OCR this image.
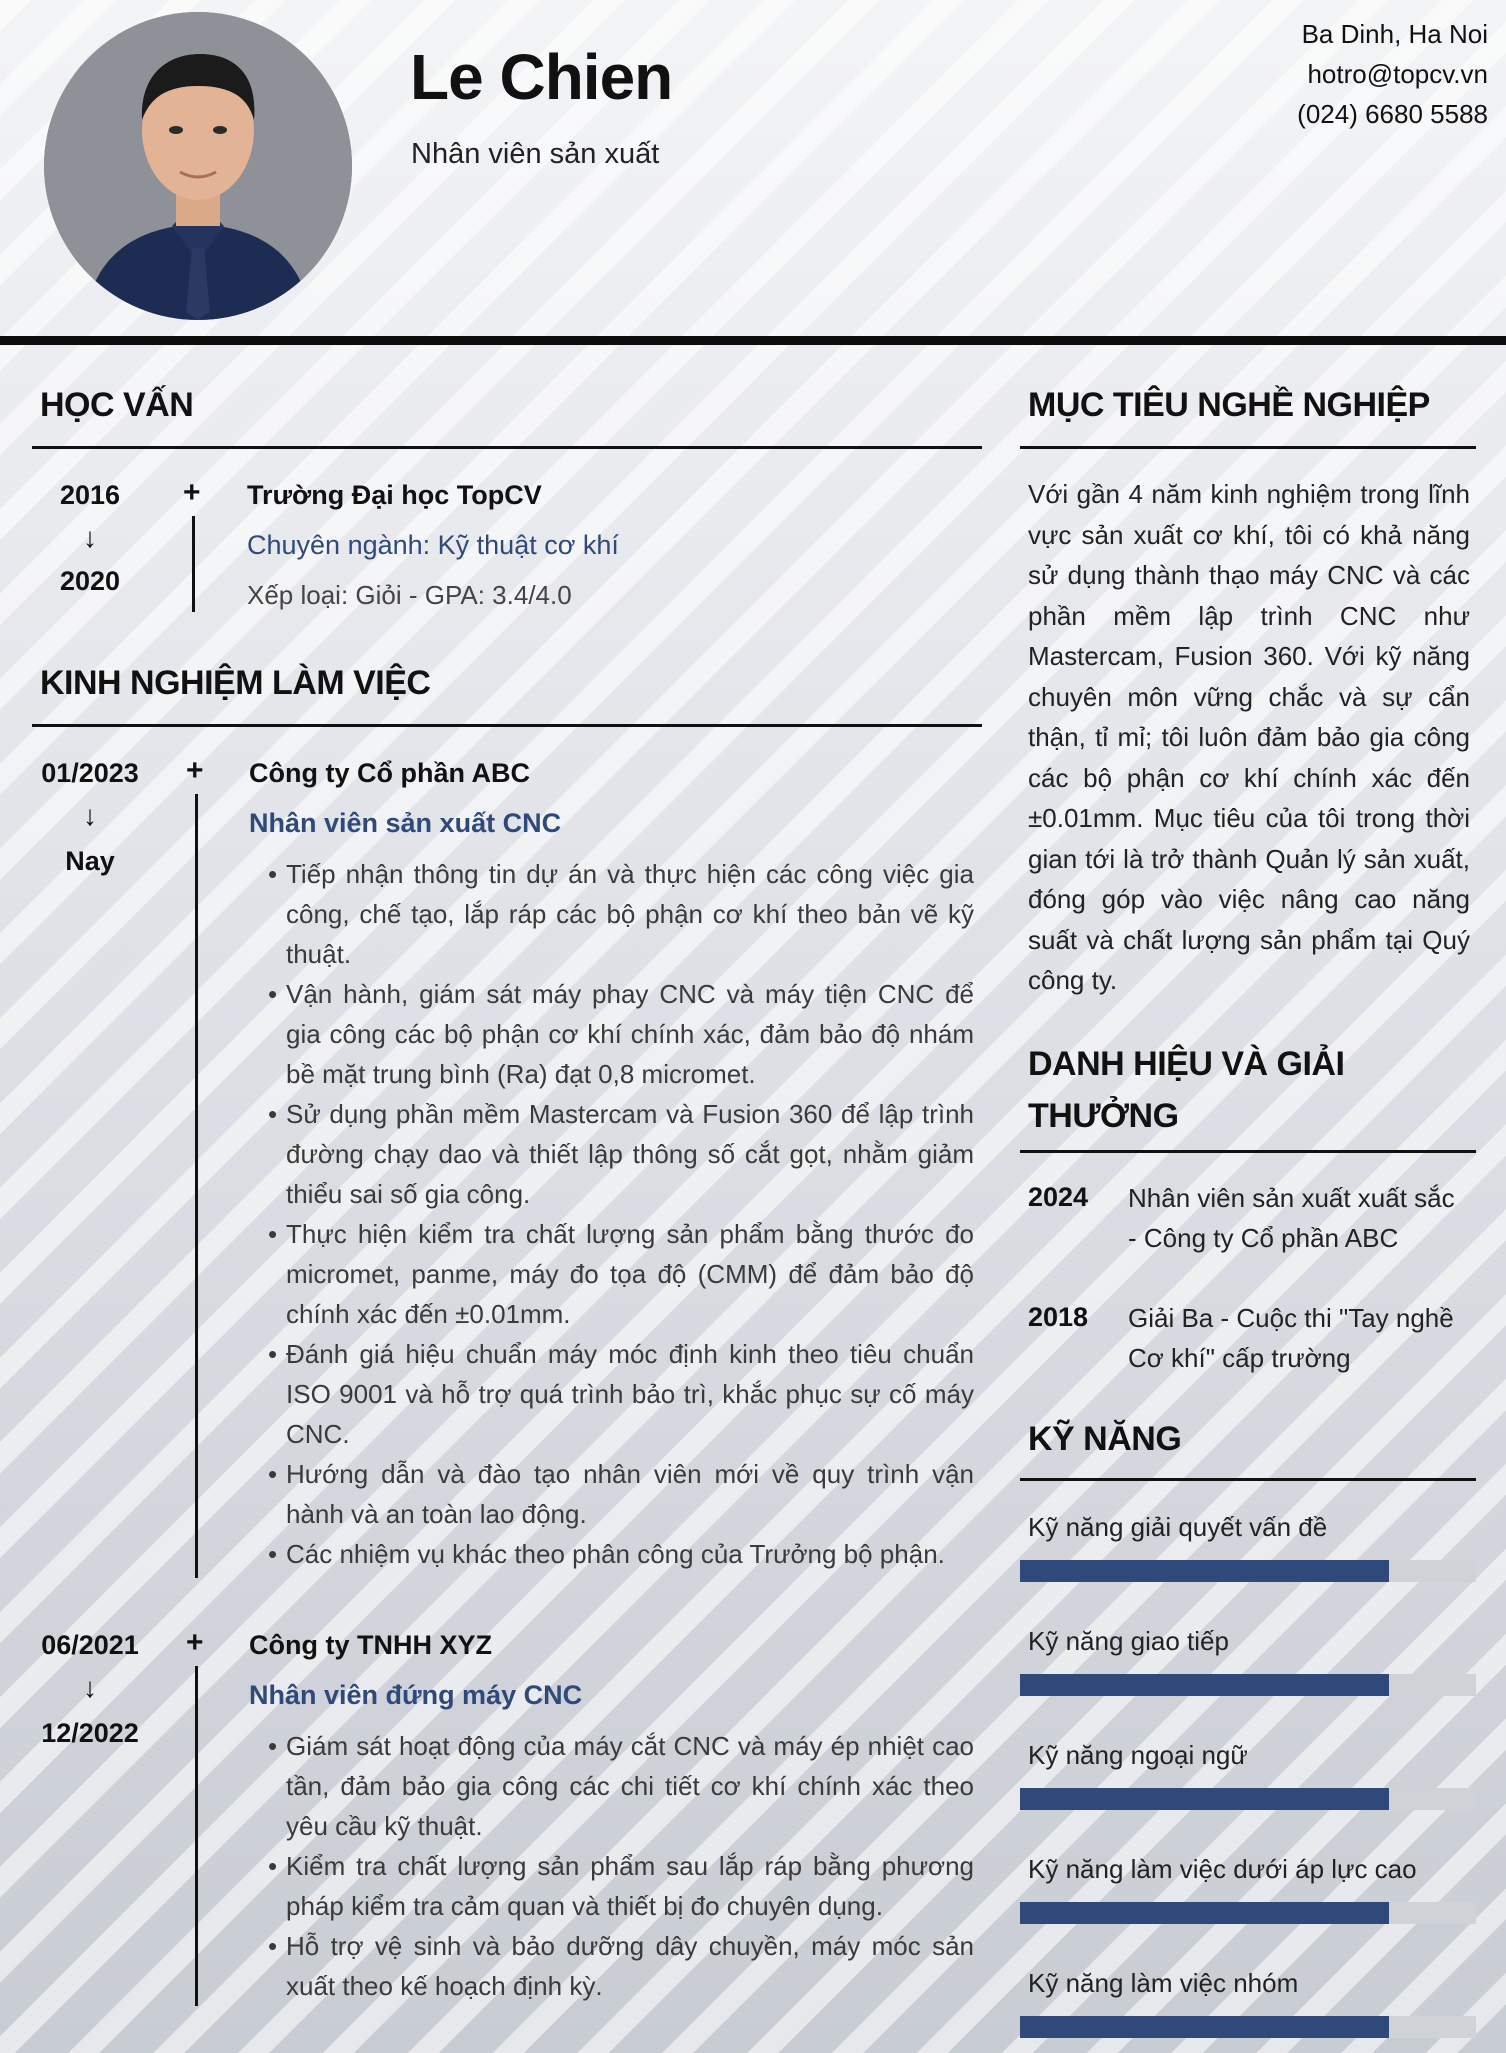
Le Chien
Nhân viên sản xuất
Ba Dinh, Ha Noi
hotro@topcv.vn
(024) 6680 5588
HỌC VẤN
2016
↓
2020
+ Trường Đại học TopCV
Chuyên ngành: Kỹ thuật cơ khí
Xếp loại: Giỏi - GPA: 3.4/4.0
KINH NGHIỆM LÀM VIỆC
01/2023
↓
Nay
+ Công ty Cổ phần ABC
Nhân viên sản xuất CNC
• Tiếp nhận thông tin dự án và thực hiện các công việc gia công, chế tạo, lắp ráp các bộ phận cơ khí theo bản vẽ kỹ thuật.
• Vận hành, giám sát máy phay CNC và máy tiện CNC để gia công các bộ phận cơ khí chính xác, đảm bảo độ nhám bề mặt trung bình (Ra) đạt 0,8 micromet.
• Sử dụng phần mềm Mastercam và Fusion 360 để lập trình đường chạy dao và thiết lập thông số cắt gọt, nhằm giảm thiểu sai số gia công.
• Thực hiện kiểm tra chất lượng sản phẩm bằng thước đo micromet, panme, máy đo tọa độ (CMM) để đảm bảo độ chính xác đến ±0.01mm.
• Đánh giá hiệu chuẩn máy móc định kinh theo tiêu chuẩn ISO 9001 và hỗ trợ quá trình bảo trì, khắc phục sự cố máy CNC.
• Hướng dẫn và đào tạo nhân viên mới về quy trình vận hành và an toàn lao động.
• Các nhiệm vụ khác theo phân công của Trưởng bộ phận.
06/2021
↓
12/2022
+ Công ty TNHH XYZ
Nhân viên đứng máy CNC
• Giám sát hoạt động của máy cắt CNC và máy ép nhiệt cao tần, đảm bảo gia công các chi tiết cơ khí chính xác theo yêu cầu kỹ thuật.
• Kiểm tra chất lượng sản phẩm sau lắp ráp bằng phương pháp kiểm tra cảm quan và thiết bị đo chuyên dụng.
• Hỗ trợ vệ sinh và bảo dưỡng dây chuyền, máy móc sản xuất theo kế hoạch định kỳ.
MỤC TIÊU NGHỀ NGHIỆP

Với gần 4 năm kinh nghiệm trong lĩnh vực sản xuất cơ khí, tôi có khả năng sử dụng thành thạo máy CNC và các phần mềm lập trình CNC như Mastercam, Fusion 360. Với kỹ năng chuyên môn vững chắc và sự cẩn thận, tỉ mỉ; tôi luôn đảm bảo gia công các bộ phận cơ khí chính xác đến ±0.01mm. Mục tiêu của tôi trong thời gian tới là trở thành Quản lý sản xuất, đóng góp vào việc nâng cao năng suất và chất lượng sản phẩm tại Quý công ty.

DANH HIỆU VÀ GIẢI
THƯỞNG
2024 Nhân viên sản xuất xuất sắc - Công ty Cổ phần ABC
2018 Giải Ba - Cuộc thi "Tay nghề Cơ khí" cấp trường
KỸ NĂNG
Kỹ năng giải quyết vấn đề
Kỹ năng giao tiếp
Kỹ năng ngoại ngữ
Kỹ năng làm việc dưới áp lực cao
Kỹ năng làm việc nhóm
